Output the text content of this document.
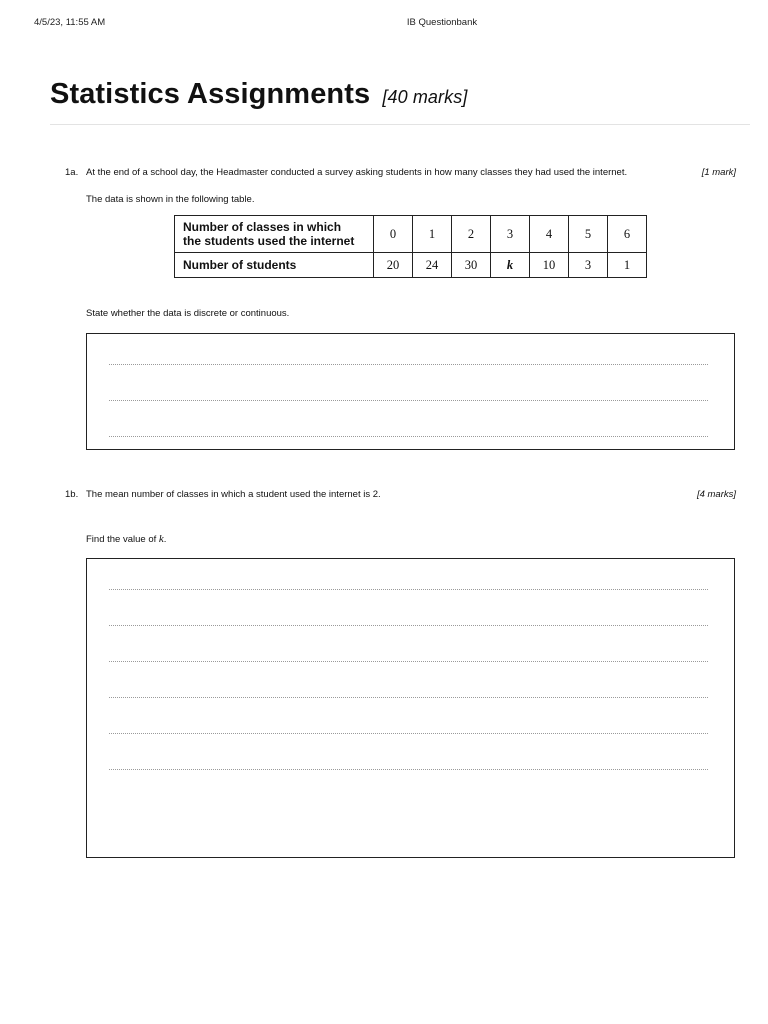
4/5/23, 11:55 AM	IB Questionbank
Statistics Assignments [40 marks]
1a. At the end of a school day, the Headmaster conducted a survey asking students in how many classes they had used the internet.	[1 mark]
The data is shown in the following table.
Number of classes in which
the students used the internet	0	1	2	3	4	5	6
Number of students	20	24	30	k	10	3	1
State whether the data is discrete or continuous.
1b. The mean number of classes in which a student used the internet is 2.	[4 marks]
Find the value of k.
